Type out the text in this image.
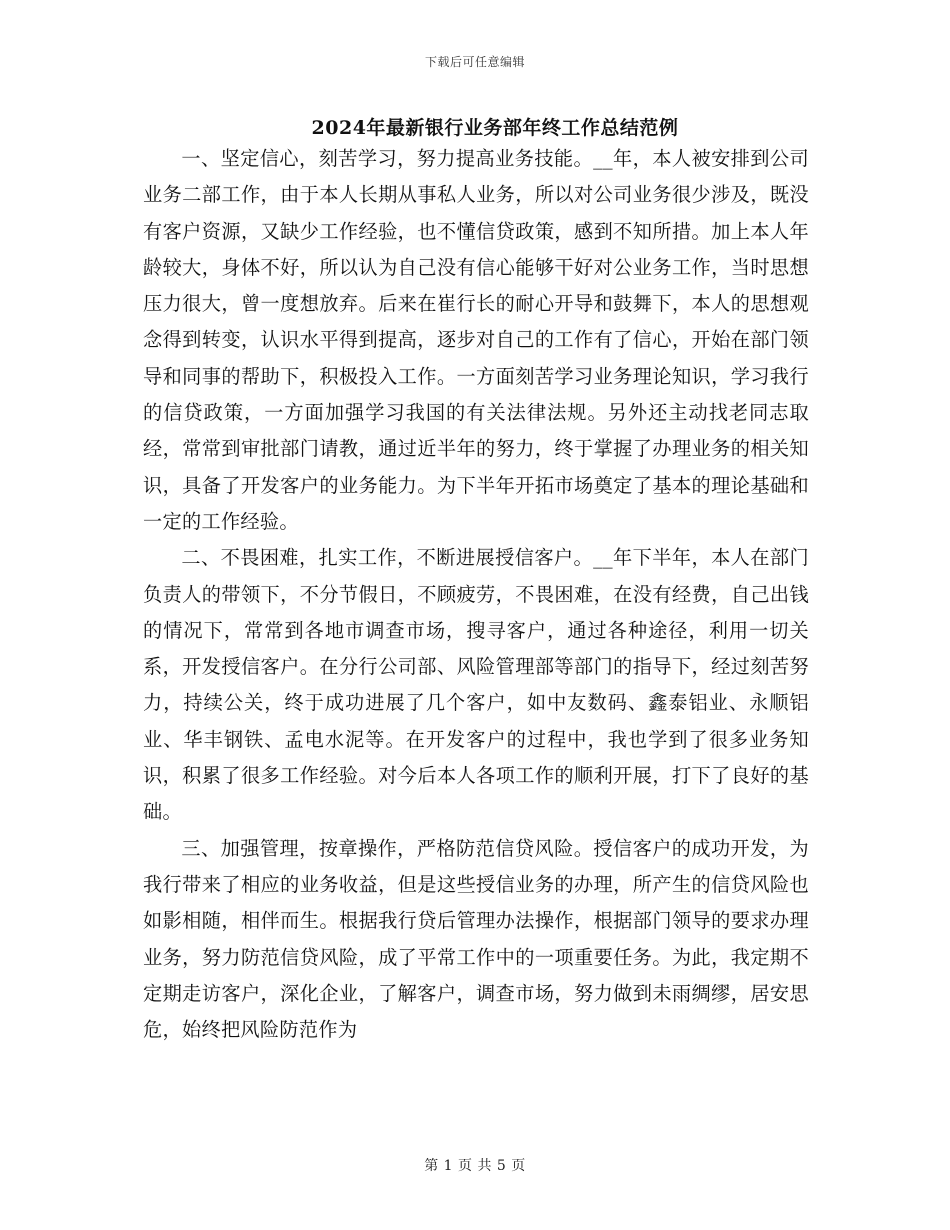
下载后可任意编辑
2024年最新银行业务部年终工作总结范例

一、坚定信心，刻苦学习，努力提高业务技能。__年，本人被安排到公司业务二部工作，由于本人长期从事私人业务，所以对公司业务很少涉及，既没有客户资源，又缺少工作经验，也不懂信贷政策，感到不知所措。加上本人年龄较大，身体不好，所以认为自己没有信心能够干好对公业务工作，当时思想压力很大，曾一度想放弃。后来在崔行长的耐心开导和鼓舞下，本人的思想观念得到转变，认识水平得到提高，逐步对自己的工作有了信心，开始在部门领导和同事的帮助下，积极投入工作。一方面刻苦学习业务理论知识，学习我行的信贷政策，一方面加强学习我国的有关法律法规。另外还主动找老同志取经，常常到审批部门请教，通过近半年的努力，终于掌握了办理业务的相关知识，具备了开发客户的业务能力。为下半年开拓市场奠定了基本的理论基础和一定的工作经验。

二、不畏困难，扎实工作，不断进展授信客户。__年下半年，本人在部门负责人的带领下，不分节假日，不顾疲劳，不畏困难，在没有经费，自己出钱的情况下，常常到各地市调查市场，搜寻客户，通过各种途径，利用一切关系，开发授信客户。在分行公司部、风险管理部等部门的指导下，经过刻苦努力，持续公关，终于成功进展了几个客户，如中友数码、鑫泰铝业、永顺铝业、华丰钢铁、孟电水泥等。在开发客户的过程中，我也学到了很多业务知识，积累了很多工作经验。对今后本人各项工作的顺利开展，打下了良好的基础。

三、加强管理，按章操作，严格防范信贷风险。授信客户的成功开发，为我行带来了相应的业务收益，但是这些授信业务的办理，所产生的信贷风险也如影相随，相伴而生。根据我行贷后管理办法操作，根据部门领导的要求办理业务，努力防范信贷风险，成了平常工作中的一项重要任务。为此，我定期不定期走访客户，深化企业，了解客户，调查市场，努力做到未雨绸缪，居安思危，始终把风险防范作为

第 1 页 共 5 页
